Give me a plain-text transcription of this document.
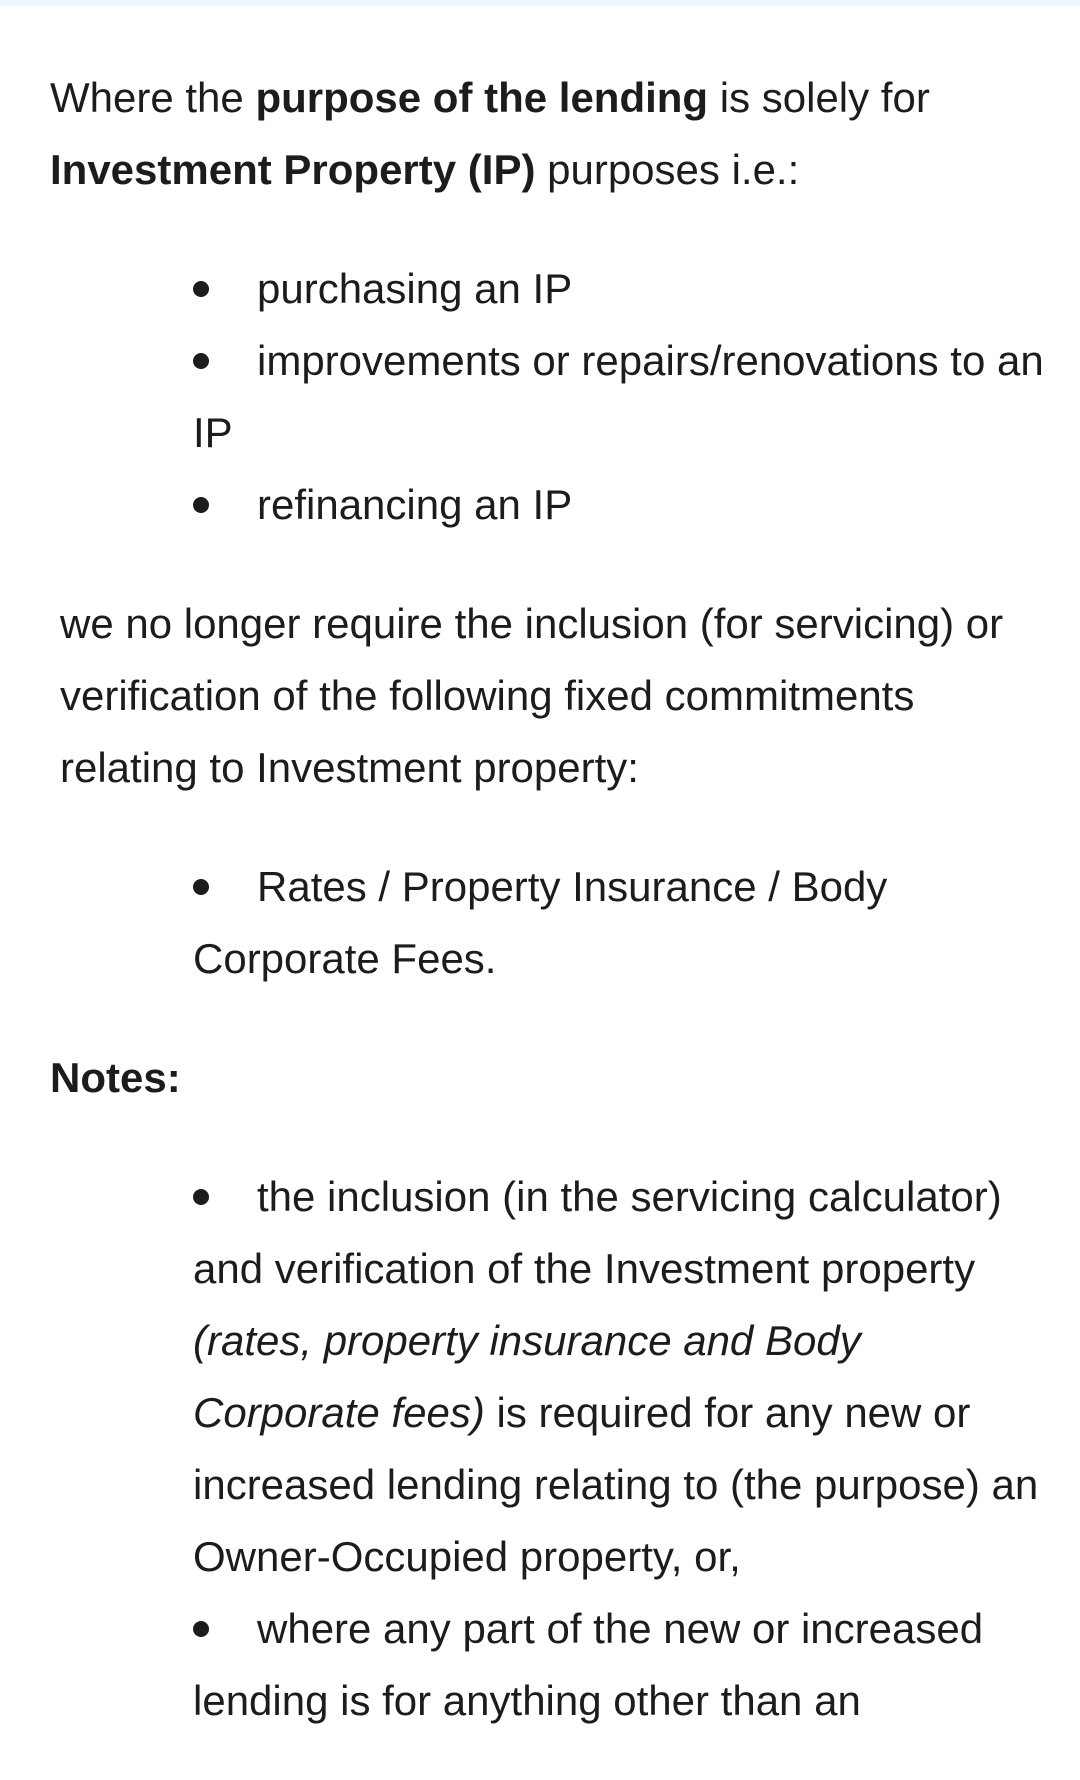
Where the purpose of the lending is solely for Investment Property (IP) purposes i.e.:

purchasing an IP
improvements or repairs/renovations to an IP
refinancing an IP

we no longer require the inclusion (for servicing) or verification of the following fixed commitments relating to Investment property:

Rates / Property Insurance / Body Corporate Fees.

Notes:

the inclusion (in the servicing calculator) and verification of the Investment property (rates, property insurance and Body Corporate fees) is required for any new or increased lending relating to (the purpose) an Owner-Occupied property, or,
where any part of the new or increased lending is for anything other than an
